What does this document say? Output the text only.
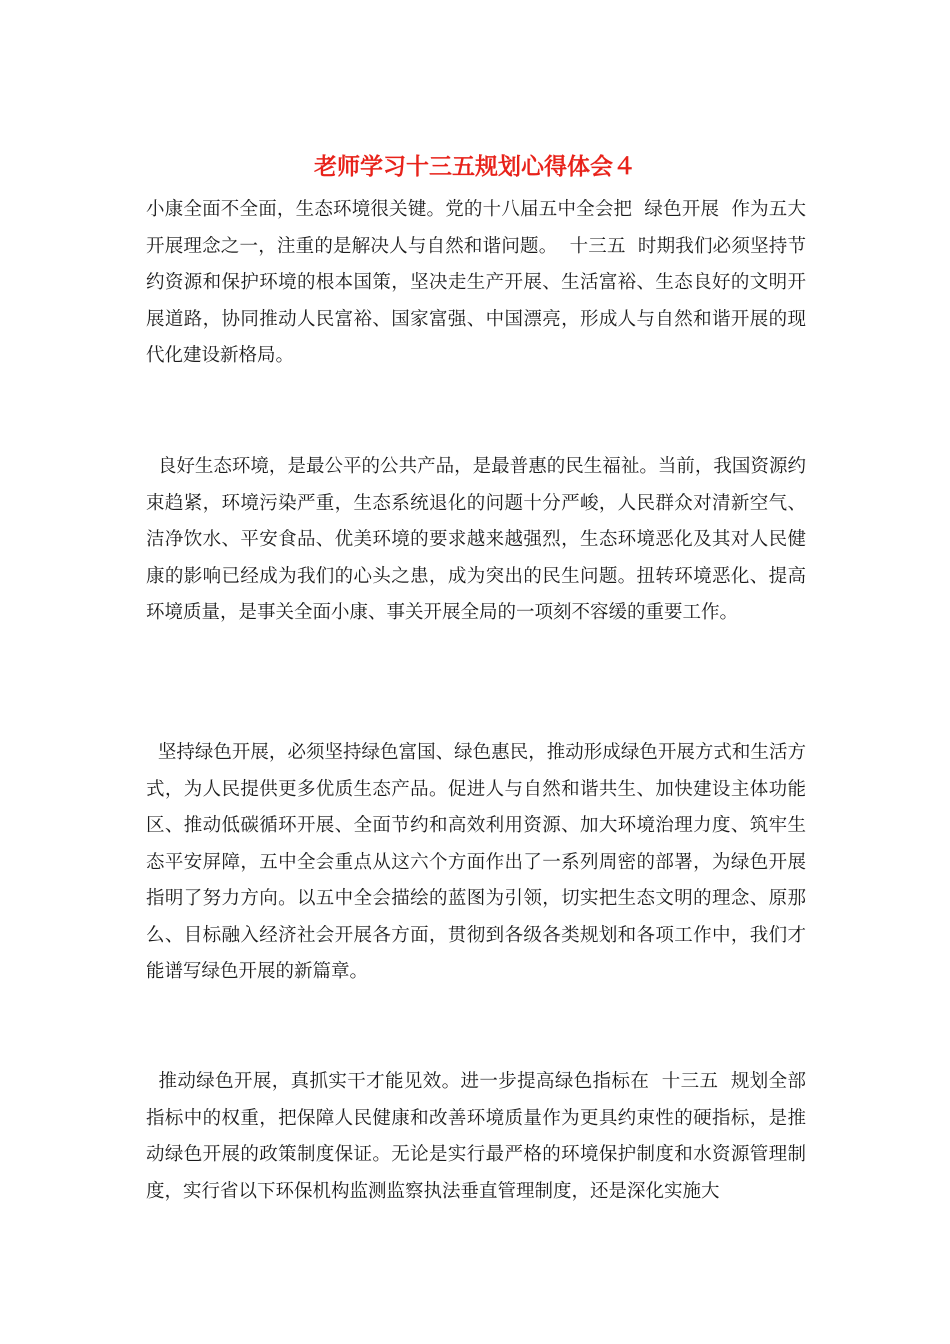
老师学习十三五规划心得体会４

小康全面不全面，生态环境很关键。党的十八届五中全会把  绿色开展  作为五大开展理念之一，注重的是解决人与自然和谐问题。  十三五  时期我们必须坚持节约资源和保护环境的根本国策，坚决走生产开展、生活富裕、生态良好的文明开展道路，协同推动人民富裕、国家富强、中国漂亮，形成人与自然和谐开展的现代化建设新格局。

良好生态环境，是最公平的公共产品，是最普惠的民生福祉。当前，我国资源约束趋紧，环境污染严重，生态系统退化的问题十分严峻，人民群众对清新空气、洁净饮水、平安食品、优美环境的要求越来越强烈，生态环境恶化及其对人民健康的影响已经成为我们的心头之患，成为突出的民生问题。扭转环境恶化、提高环境质量，是事关全面小康、事关开展全局的一项刻不容缓的重要工作。

坚持绿色开展，必须坚持绿色富国、绿色惠民，推动形成绿色开展方式和生活方式，为人民提供更多优质生态产品。促进人与自然和谐共生、加快建设主体功能区、推动低碳循环开展、全面节约和高效利用资源、加大环境治理力度、筑牢生态平安屏障，五中全会重点从这六个方面作出了一系列周密的部署，为绿色开展指明了努力方向。以五中全会描绘的蓝图为引领，切实把生态文明的理念、原那么、目标融入经济社会开展各方面，贯彻到各级各类规划和各项工作中，我们才能谱写绿色开展的新篇章。

推动绿色开展，真抓实干才能见效。进一步提高绿色指标在  十三五  规划全部指标中的权重，把保障人民健康和改善环境质量作为更具约束性的硬指标，是推动绿色开展的政策制度保证。无论是实行最严格的环境保护制度和水资源管理制度，实行省以下环保机构监测监察执法垂直管理制度，还是深化实施大
